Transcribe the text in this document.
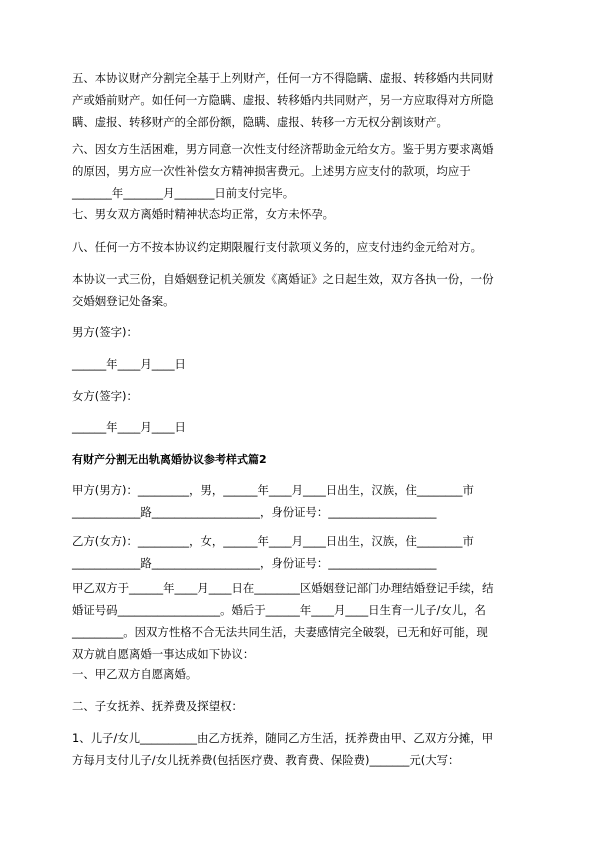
五、本协议财产分割完全基于上列财产，任何一方不得隐瞒、虚报、转移婚内共同财
产或婚前财产。如任何一方隐瞒、虚报、转移婚内共同财产，另一方应取得对方所隐
瞒、虚报、转移财产的全部份额，隐瞒、虚报、转移一方无权分割该财产。

六、因女方生活困难，男方同意一次性支付经济帮助金元给女方。鉴于男方要求离婚
的原因，男方应一次性补偿女方精神损害费元。上述男方应支付的款项，均应于
_______年_______月_______日前支付完毕。

七、男女双方离婚时精神状态均正常，女方未怀孕。

八、任何一方不按本协议约定期限履行支付款项义务的，应支付违约金元给对方。

本协议一式三份，自婚姻登记机关颁发《离婚证》之日起生效，双方各执一份，一份
交婚姻登记处备案。

男方(签字)：

______年____月____日

女方(签字)：

______年____月____日

有财产分割无出轨离婚协议参考样式篇2

甲方(男方)：_________，男，______年____月____日出生，汉族，住________市
____________路___________________，身份证号：___________________

乙方(女方)：_________，女，______年____月____日出生，汉族，住________市
____________路___________________，身份证号：___________________

甲乙双方于______年____月____日在________区婚姻登记部门办理结婚登记手续，结
婚证号码__________________。婚后于______年____月____日生育一儿子/女儿，名
_________。因双方性格不合无法共同生活，夫妻感情完全破裂，已无和好可能，现
双方就自愿离婚一事达成如下协议：

一、甲乙双方自愿离婚。

二、子女抚养、抚养费及探望权：

1、儿子/女儿__________由乙方抚养，随同乙方生活，抚养费由甲、乙双方分摊，甲
方每月支付儿子/女儿抚养费(包括医疗费、教育费、保险费)_______元(大写：
